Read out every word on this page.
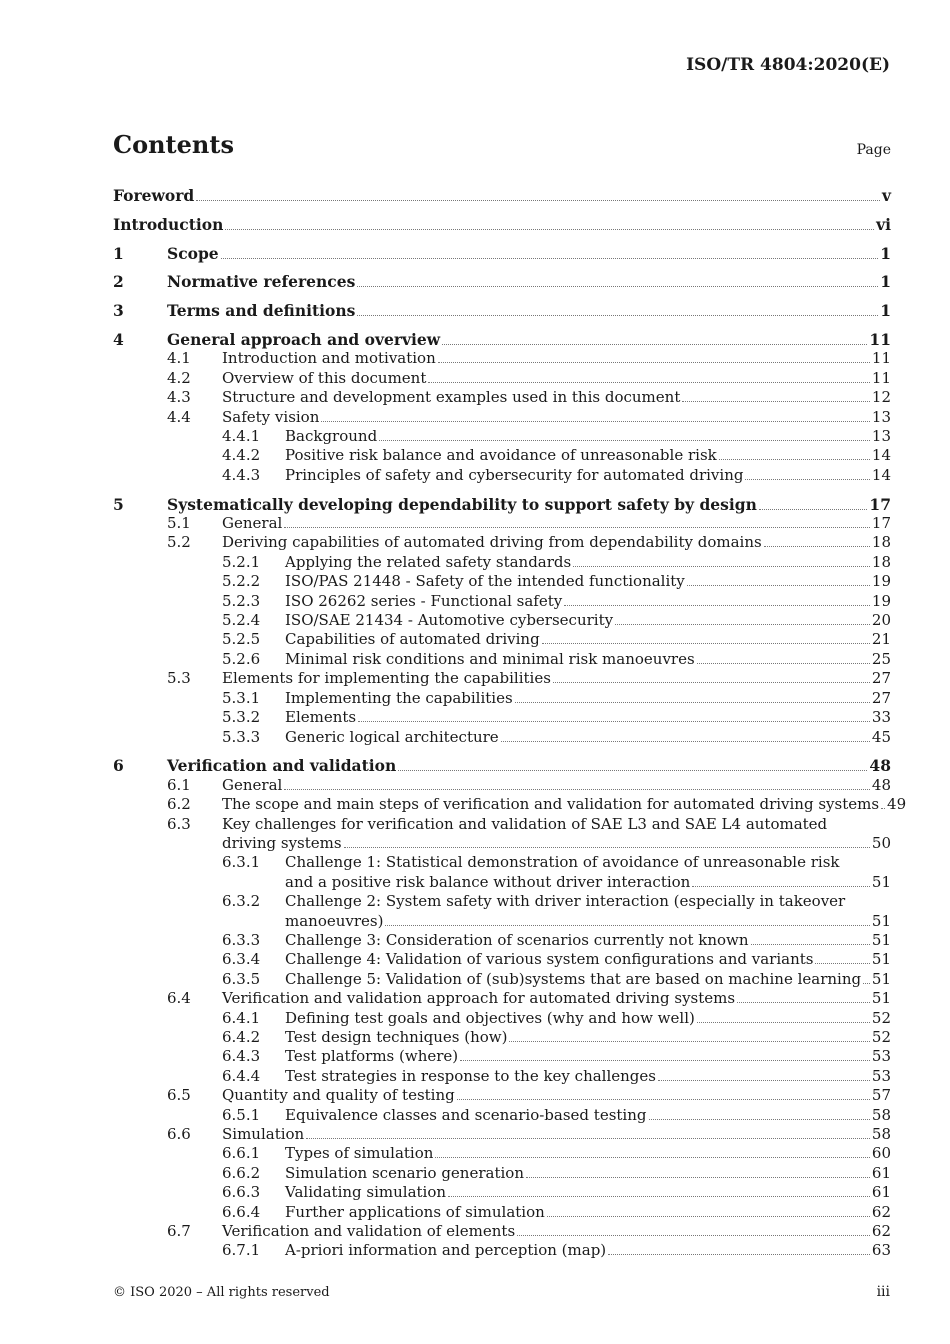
ISO/TR 4804:2020(E)
Contents	Page
Foreword	v
Introduction	vi
1	Scope	1
2	Normative references	1
3	Terms and definitions	1
4	General approach and overview	11
4.1 Introduction and motivation	11
4.2 Overview of this document	11
4.3 Structure and development examples used in this document	12
4.4 Safety vision	13
4.4.1 Background	13
4.4.2 Positive risk balance and avoidance of unreasonable risk	14
4.4.3 Principles of safety and cybersecurity for automated driving	14
5	Systematically developing dependability to support safety by design	17
5.1 General	17
5.2 Deriving capabilities of automated driving from dependability domains	18
5.2.1 Applying the related safety standards	18
5.2.2 ISO/PAS 21448 - Safety of the intended functionality	19
5.2.3 ISO 26262 series - Functional safety	19
5.2.4 ISO/SAE 21434 - Automotive cybersecurity	20
5.2.5 Capabilities of automated driving	21
5.2.6 Minimal risk conditions and minimal risk manoeuvres	25
5.3 Elements for implementing the capabilities	27
5.3.1 Implementing the capabilities	27
5.3.2 Elements	33
5.3.3 Generic logical architecture	45
6	Verification and validation	48
6.1 General	48
6.2 The scope and main steps of verification and validation for automated driving systems 49
6.3 Key challenges for verification and validation of SAE L3 and SAE L4 automated
driving systems	50
6.3.1 Challenge 1: Statistical demonstration of avoidance of unreasonable risk
and a positive risk balance without driver interaction	51
6.3.2 Challenge 2: System safety with driver interaction (especially in takeover
manoeuvres)	51
6.3.3 Challenge 3: Consideration of scenarios currently not known	51
6.3.4 Challenge 4: Validation of various system configurations and variants	51
6.3.5 Challenge 5: Validation of (sub)systems that are based on machine learning 51
6.4 Verification and validation approach for automated driving systems	51
6.4.1 Defining test goals and objectives (why and how well)	52
6.4.2 Test design techniques (how)	52
6.4.3 Test platforms (where)	53
6.4.4 Test strategies in response to the key challenges	53
6.5 Quantity and quality of testing	57
6.5.1 Equivalence classes and scenario-based testing	58
6.6 Simulation	58
6.6.1 Types of simulation	60
6.6.2 Simulation scenario generation	61
6.6.3 Validating simulation	61
6.6.4 Further applications of simulation	62
6.7 Verification and validation of elements	62
6.7.1 A-priori information and perception (map)	63
© ISO 2020 – All rights reserved	iii
